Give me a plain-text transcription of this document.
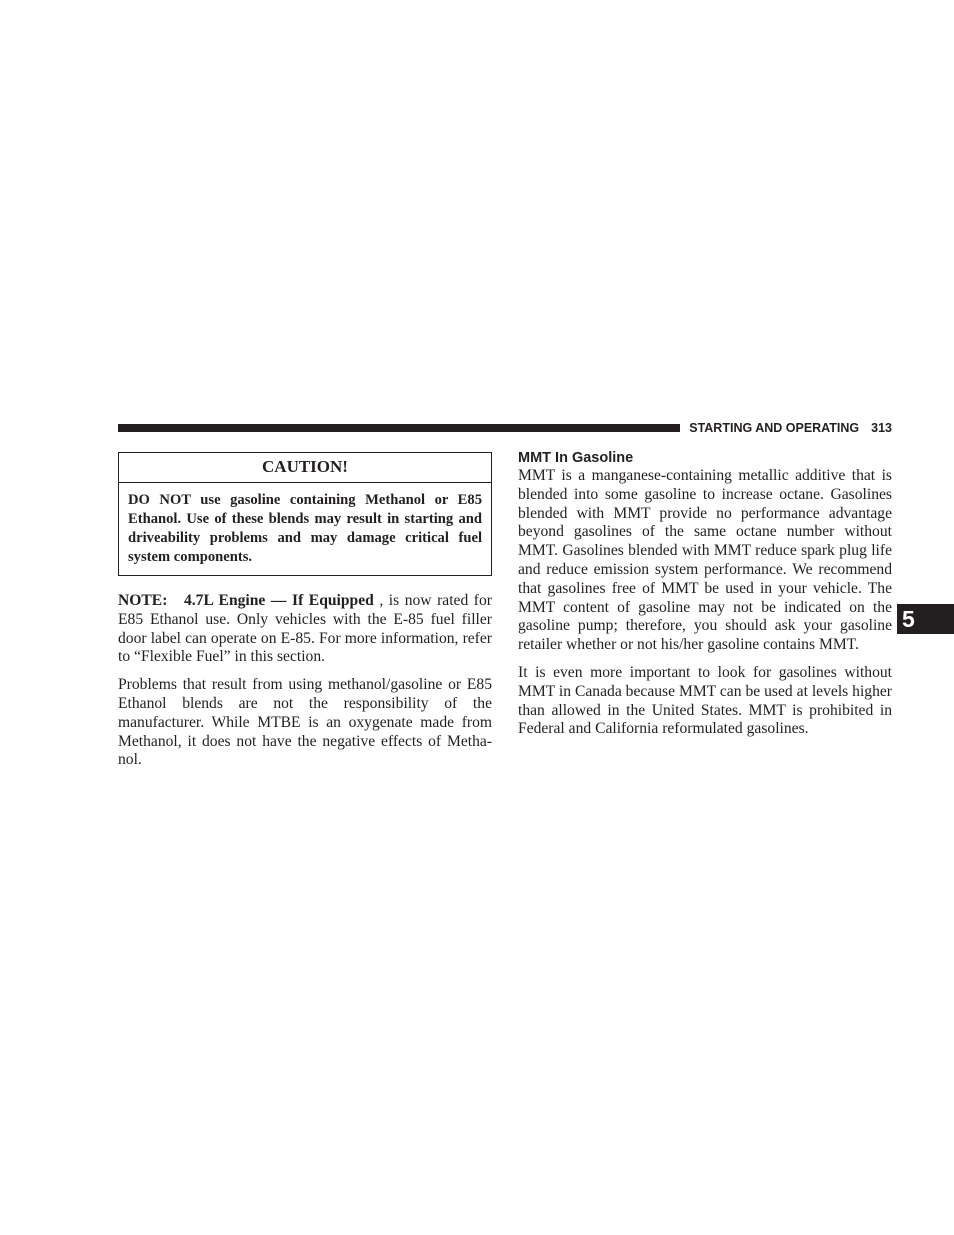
STARTING AND OPERATING 313
5
CAUTION!
DO NOT use gasoline containing Methanol or E85 Ethanol. Use of these blends may result in starting and driveability problems and may damage critical fuel system components.

NOTE: 4.7L Engine — If Equipped , is now rated for E85 Ethanol use. Only vehicles with the E-85 fuel filler door label can operate on E-85. For more information, refer to “Flexible Fuel” in this section.

Problems that result from using methanol/gasoline or E85 Ethanol blends are not the responsibility of the manufacturer. While MTBE is an oxygenate made from Methanol, it does not have the negative effects of Methanol.

MMT In Gasoline

MMT is a manganese-containing metallic additive that is blended into some gasoline to increase octane. Gasolines blended with MMT provide no performance advantage beyond gasolines of the same octane number without MMT. Gasolines blended with MMT reduce spark plug life and reduce emission system performance. We recommend that gasolines free of MMT be used in your vehicle. The MMT content of gasoline may not be indicated on the gasoline pump; therefore, you should ask your gasoline retailer whether or not his/her gasoline contains MMT.

It is even more important to look for gasolines without MMT in Canada because MMT can be used at levels higher than allowed in the United States. MMT is prohibited in Federal and California reformulated gasolines.
